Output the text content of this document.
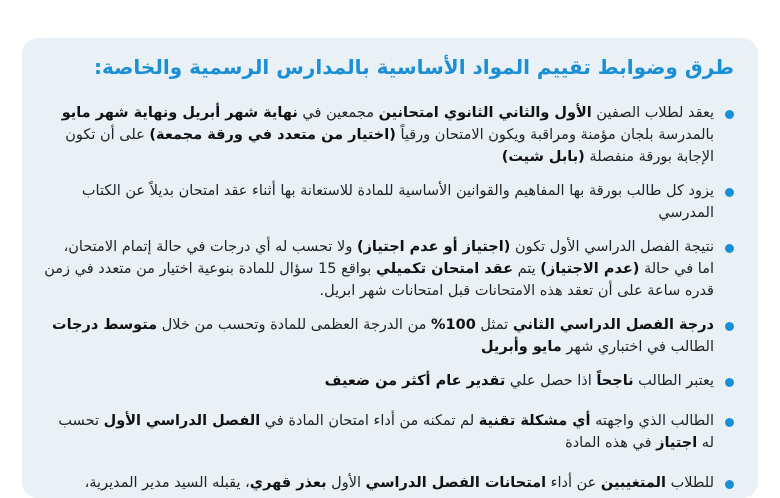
طرق وضوابط تقييم المواد الأساسية بالمدارس الرسمية والخاصة:
يعقد لطلاب الصفين الأول والثاني الثانوي امتحانين مجمعين في نهاية شهر أبريل ونهاية شهر مايو بالمدرسة بلجان مؤمنة ومراقبة ويكون الامتحان ورقياً (اختيار من متعدد في ورقة مجمعة) على أن تكون الإجابة بورقة منفصلة (بابل شيت)
يزود كل طالب بورقة بها المفاهيم والقوانين الأساسية للمادة للاستعانة بها أثناء عقد امتحان بديلاً عن الكتاب المدرسي
نتيجة الفصل الدراسي الأول تكون (اجتياز أو عدم اجتياز) ولا تحسب له أي درجات في حالة إتمام الامتحان، اما في حالة (عدم الاجتياز) يتم عقد امتحان تكميلي بواقع 15 سؤال للمادة بنوعية اختيار من متعدد في زمن قدره ساعة على أن تعقد هذه الامتحانات قبل امتحانات شهر ابريل.
درجة الفصل الدراسي الثاني تمثل 100% من الدرجة العظمى للمادة وتحسب من خلال متوسط درجات الطالب في اختباري شهر مايو وأبريل
يعتبر الطالب ناجحاً اذا حصل علي تقدير عام أكثر من ضعيف
الطالب الذي واجهته أي مشكلة تقنية لم تمكنه من أداء امتحان المادة في الفصل الدراسي الأول تحسب له اجتياز في هذه المادة
للطلاب المتغيبين عن أداء امتحانات الفصل الدراسي الأول بعذر قهري، يقبله السيد مدير المديرية،
